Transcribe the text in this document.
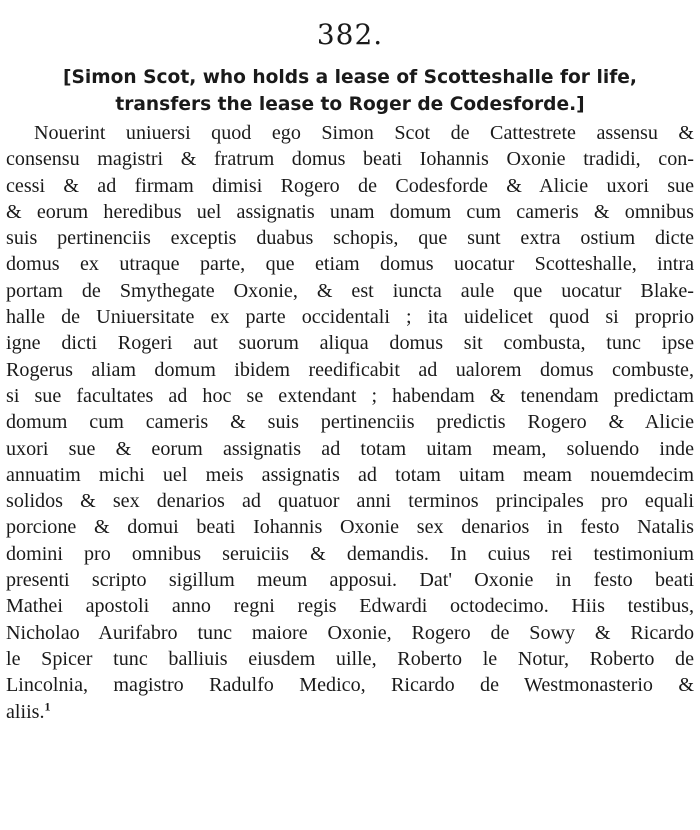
382.
[Simon Scot, who holds a lease of Scotteshalle for life,
transfers the lease to Roger de Codesforde.]
Nouerint uniuersi quod ego Simon Scot de Cattestrete assensu &
consensu magistri & fratrum domus beati Iohannis Oxonie tradidi, con-
cessi & ad firmam dimisi Rogero de Codesforde & Alicie uxori sue
& eorum heredibus uel assignatis unam domum cum cameris & omnibus
suis pertinenciis exceptis duabus schopis, que sunt extra ostium dicte
domus ex utraque parte, que etiam domus uocatur Scotteshalle, intra
portam de Smythegate Oxonie, & est iuncta aule que uocatur Blake-
halle de Uniuersitate ex parte occidentali ; ita uidelicet quod si proprio
igne dicti Rogeri aut suorum aliqua domus sit combusta, tunc ipse
Rogerus aliam domum ibidem reedificabit ad ualorem domus combuste,
si sue facultates ad hoc se extendant ; habendam & tenendam predictam
domum cum cameris & suis pertinenciis predictis Rogero & Alicie
uxori sue & eorum assignatis ad totam uitam meam, soluendo inde
annuatim michi uel meis assignatis ad totam uitam meam nouemdecim
solidos & sex denarios ad quatuor anni terminos principales pro equali
porcione & domui beati Iohannis Oxonie sex denarios in festo Natalis
domini pro omnibus seruiciis & demandis. In cuius rei testimonium
presenti scripto sigillum meum apposui. Dat' Oxonie in festo beati
Mathei apostoli anno regni regis Edwardi octodecimo. Hiis testibus,
Nicholao Aurifabro tunc maiore Oxonie, Rogero de Sowy & Ricardo
le Spicer tunc balliuis eiusdem uille, Roberto le Notur, Roberto de
Lincolnia, magistro Radulfo Medico, Ricardo de Westmonasterio &
aliis.$^1$
